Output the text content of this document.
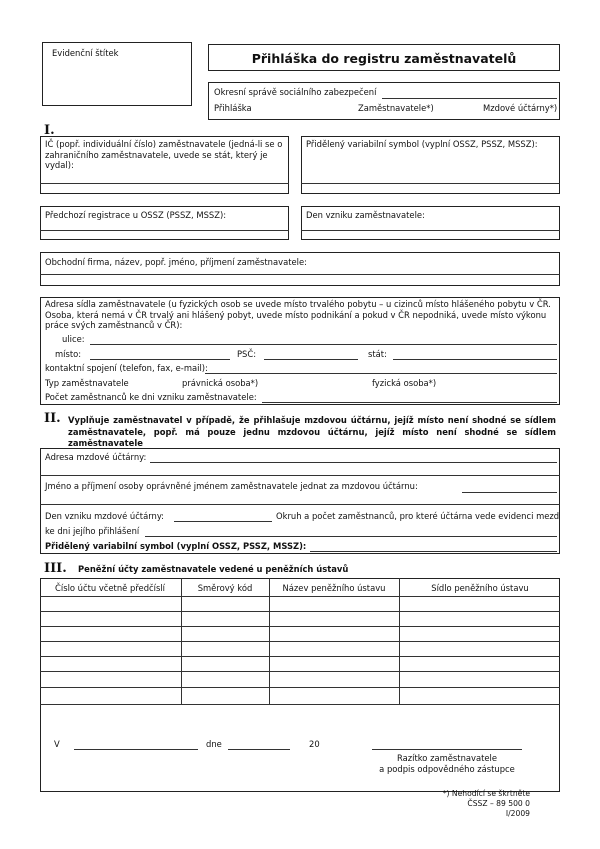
Evidenční štítek	Přihláška do registru zaměstnavatelů
Okresní správě sociálního zabezpečení
Přihláška	Zaměstnavatele*)	Mzdové účtárny*)
I.
IČ (popř. individuální číslo) zaměstnavatele (jedná-li se o zahraničního zaměstnavatele, uvede se stát, který je vydal):
Přidělený variabilní symbol (vyplní OSSZ, PSSZ, MSSZ):
Předchozí registrace u OSSZ (PSSZ, MSSZ):	Den vzniku zaměstnavatele:
Obchodní firma, název, popř. jméno, příjmení zaměstnavatele:
Adresa sídla zaměstnavatele (u fyzických osob se uvede místo trvalého pobytu – u cizinců místo hlášeného pobytu v ČR. Osoba, která nemá v ČR trvalý ani hlášený pobyt, uvede místo podnikání a pokud v ČR nepodniká, uvede místo výkonu práce svých zaměstnanců v ČR):
ulice:
místo:	PSČ:	stát:
kontaktní spojení (telefon, fax, e-mail):
Typ zaměstnavatele	právnická osoba*)	fyzická osoba*)
Počet zaměstnanců ke dni vzniku zaměstnavatele:
II. Vyplňuje zaměstnavatel v případě, že přihlašuje mzdovou účtárnu, jejíž místo není shodné se sídlem zaměstnavatele, popř. má pouze jednu mzdovou účtárnu, jejíž místo není shodné se sídlem zaměstnavatele
Adresa mzdové účtárny:
Jméno a příjmení osoby oprávněné jménem zaměstnavatele jednat za mzdovou účtárnu:
Den vzniku mzdové účtárny:	Okruh a počet zaměstnanců, pro které účtárna vede evidenci mezd
ke dni jejího přihlášení
Přidělený variabilní symbol (vyplní OSSZ, PSSZ, MSSZ):
III. Peněžní účty zaměstnavatele vedené u peněžních ústavů
Číslo účtu včetně předčíslí	Směrový kód	Název peněžního ústavu	Sídlo peněžního ústavu
V	dne	20
Razítko zaměstnavatele
a podpis odpovědného zástupce
*) Nehodící se škrtněte
ČSSZ – 89 500 0
I/2009
